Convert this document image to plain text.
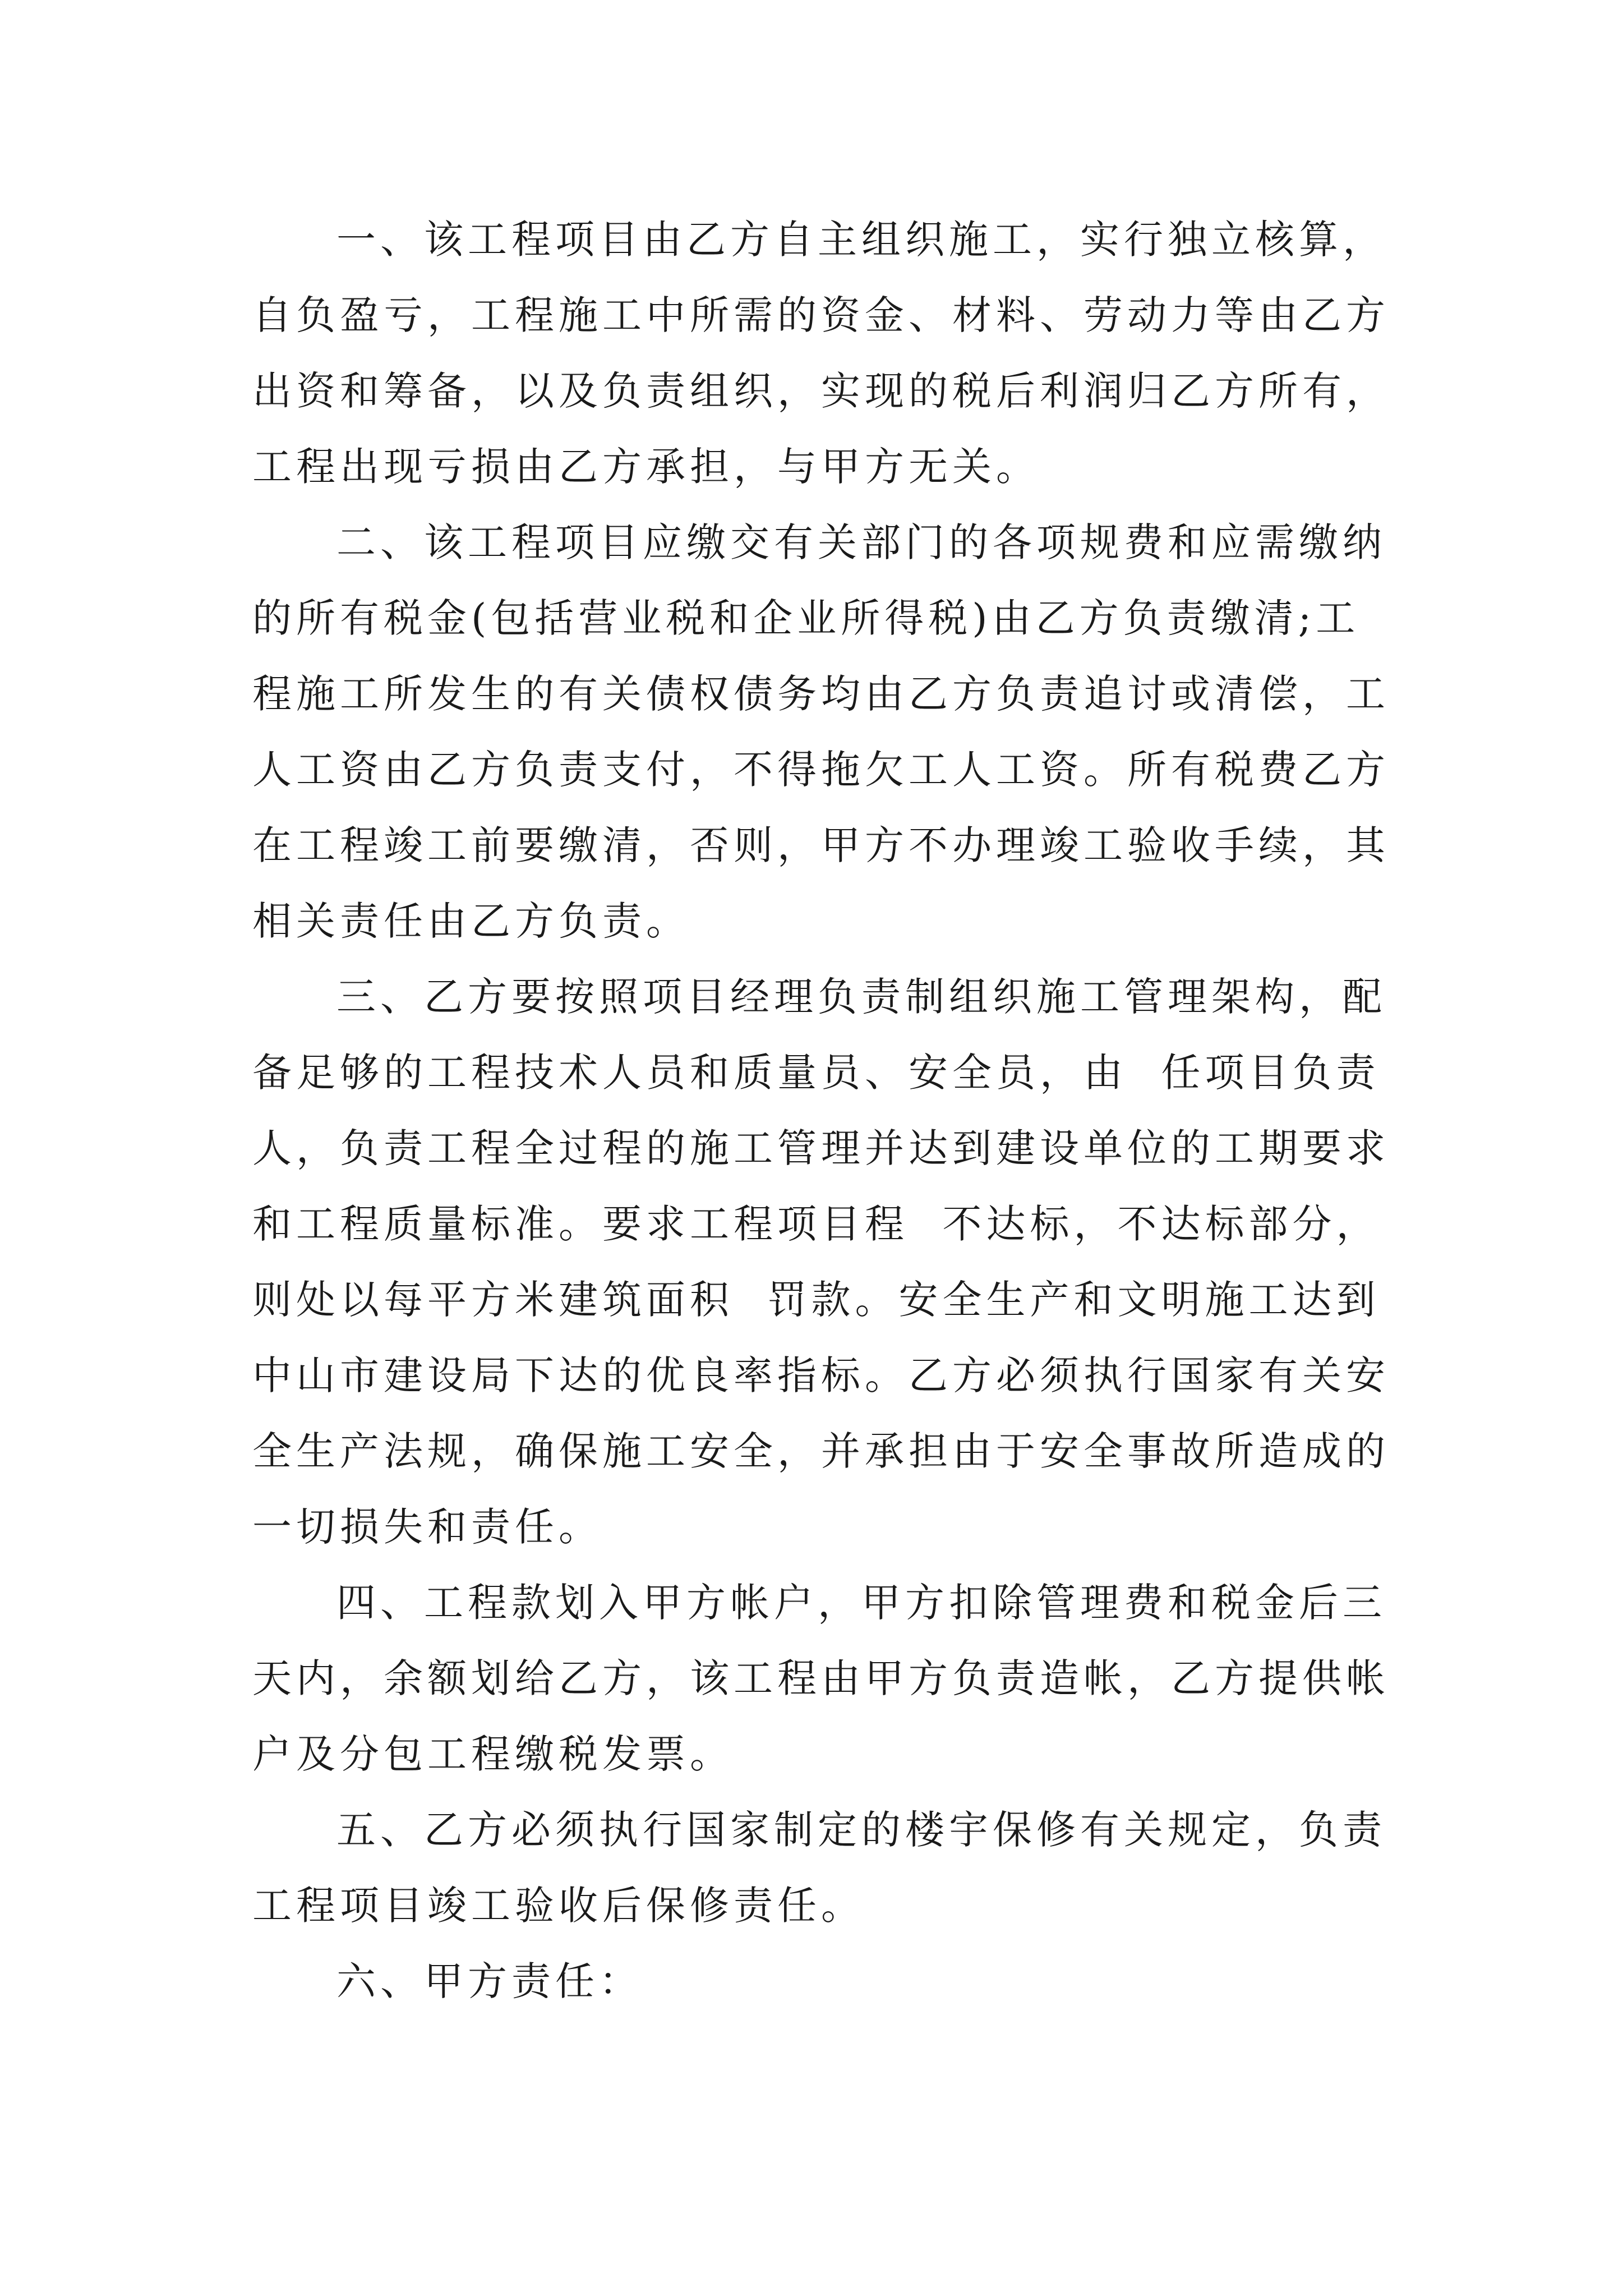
一、该工程项目由乙方自主组织施工，实行独立核算，
自负盈亏，工程施工中所需的资金、材料、劳动力等由乙方
出资和筹备，以及负责组织，实现的税后利润归乙方所有，
工程出现亏损由乙方承担，与甲方无关。
二、该工程项目应缴交有关部门的各项规费和应需缴纳
的所有税金(包括营业税和企业所得税)由乙方负责缴清;工
程施工所发生的有关债权债务均由乙方负责追讨或清偿，工
人工资由乙方负责支付，不得拖欠工人工资。所有税费乙方
在工程竣工前要缴清，否则，甲方不办理竣工验收手续，其
相关责任由乙方负责。
三、乙方要按照项目经理负责制组织施工管理架构，配
备足够的工程技术人员和质量员、安全员，由  任项目负责
人，负责工程全过程的施工管理并达到建设单位的工期要求
和工程质量标准。要求工程项目程  不达标，不达标部分，
则处以每平方米建筑面积  罚款。安全生产和文明施工达到
中山市建设局下达的优良率指标。乙方必须执行国家有关安
全生产法规，确保施工安全，并承担由于安全事故所造成的
一切损失和责任。
四、工程款划入甲方帐户，甲方扣除管理费和税金后三
天内，余额划给乙方，该工程由甲方负责造帐，乙方提供帐
户及分包工程缴税发票。
五、乙方必须执行国家制定的楼宇保修有关规定，负责
工程项目竣工验收后保修责任。
六、甲方责任：
